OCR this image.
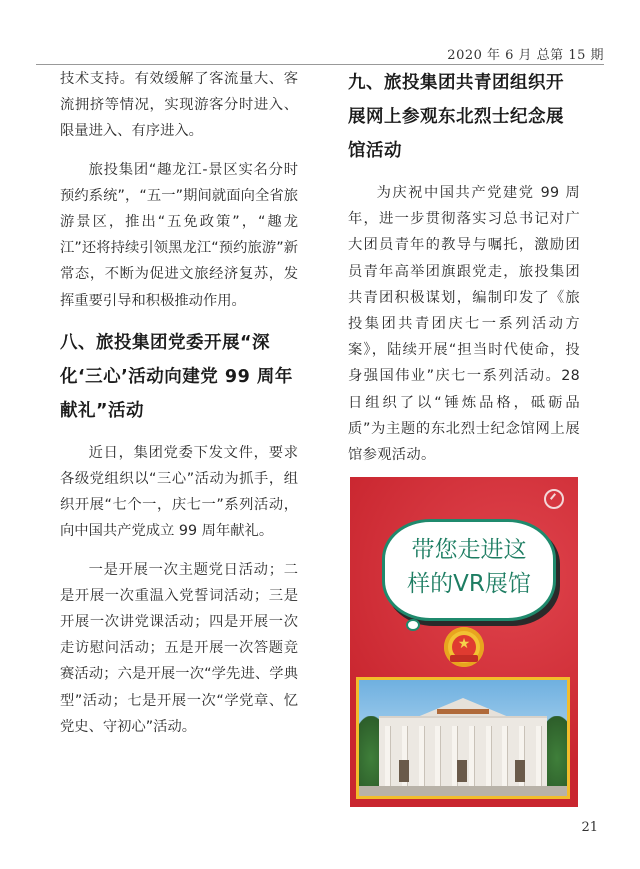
2020 年 6 月 总第 15 期

技术支持。有效缓解了客流量大、客流拥挤等情况，实现游客分时进入、限量进入、有序进入。

旅投集团“趣龙江-景区实名分时预约系统”，“五一”期间就面向全省旅游景区，推出“五免政策”，“趣龙江”还将持续引领黑龙江“预约旅游”新常态，不断为促进文旅经济复苏，发挥重要引导和积极推动作用。

八、旅投集团党委开展“深化‘三心’活动向建党 99 周年献礼”活动

近日，集团党委下发文件，要求各级党组织以“三心”活动为抓手，组织开展“七个一，庆七一”系列活动，向中国共产党成立 99 周年献礼。

一是开展一次主题党日活动；二是开展一次重温入党誓词活动；三是开展一次讲党课活动；四是开展一次走访慰问活动；五是开展一次答题竞赛活动；六是开展一次“学先进、学典型”活动；七是开展一次“学党章、忆党史、守初心”活动。

九、旅投集团共青团组织开展网上参观东北烈士纪念展馆活动

为庆祝中国共产党建党 99 周年，进一步贯彻落实习总书记对广大团员青年的教导与嘱托，激励团员青年高举团旗跟党走，旅投集团共青团积极谋划，编制印发了《旅投集团共青团庆七一系列活动方案》，陆续开展“担当时代使命，投身强国伟业”庆七一系列活动。28 日组织了以“锤炼品格，砥砺品质”为主题的东北烈士纪念馆网上展馆参观活动。

带您走进这
样的VR展馆
★
21
